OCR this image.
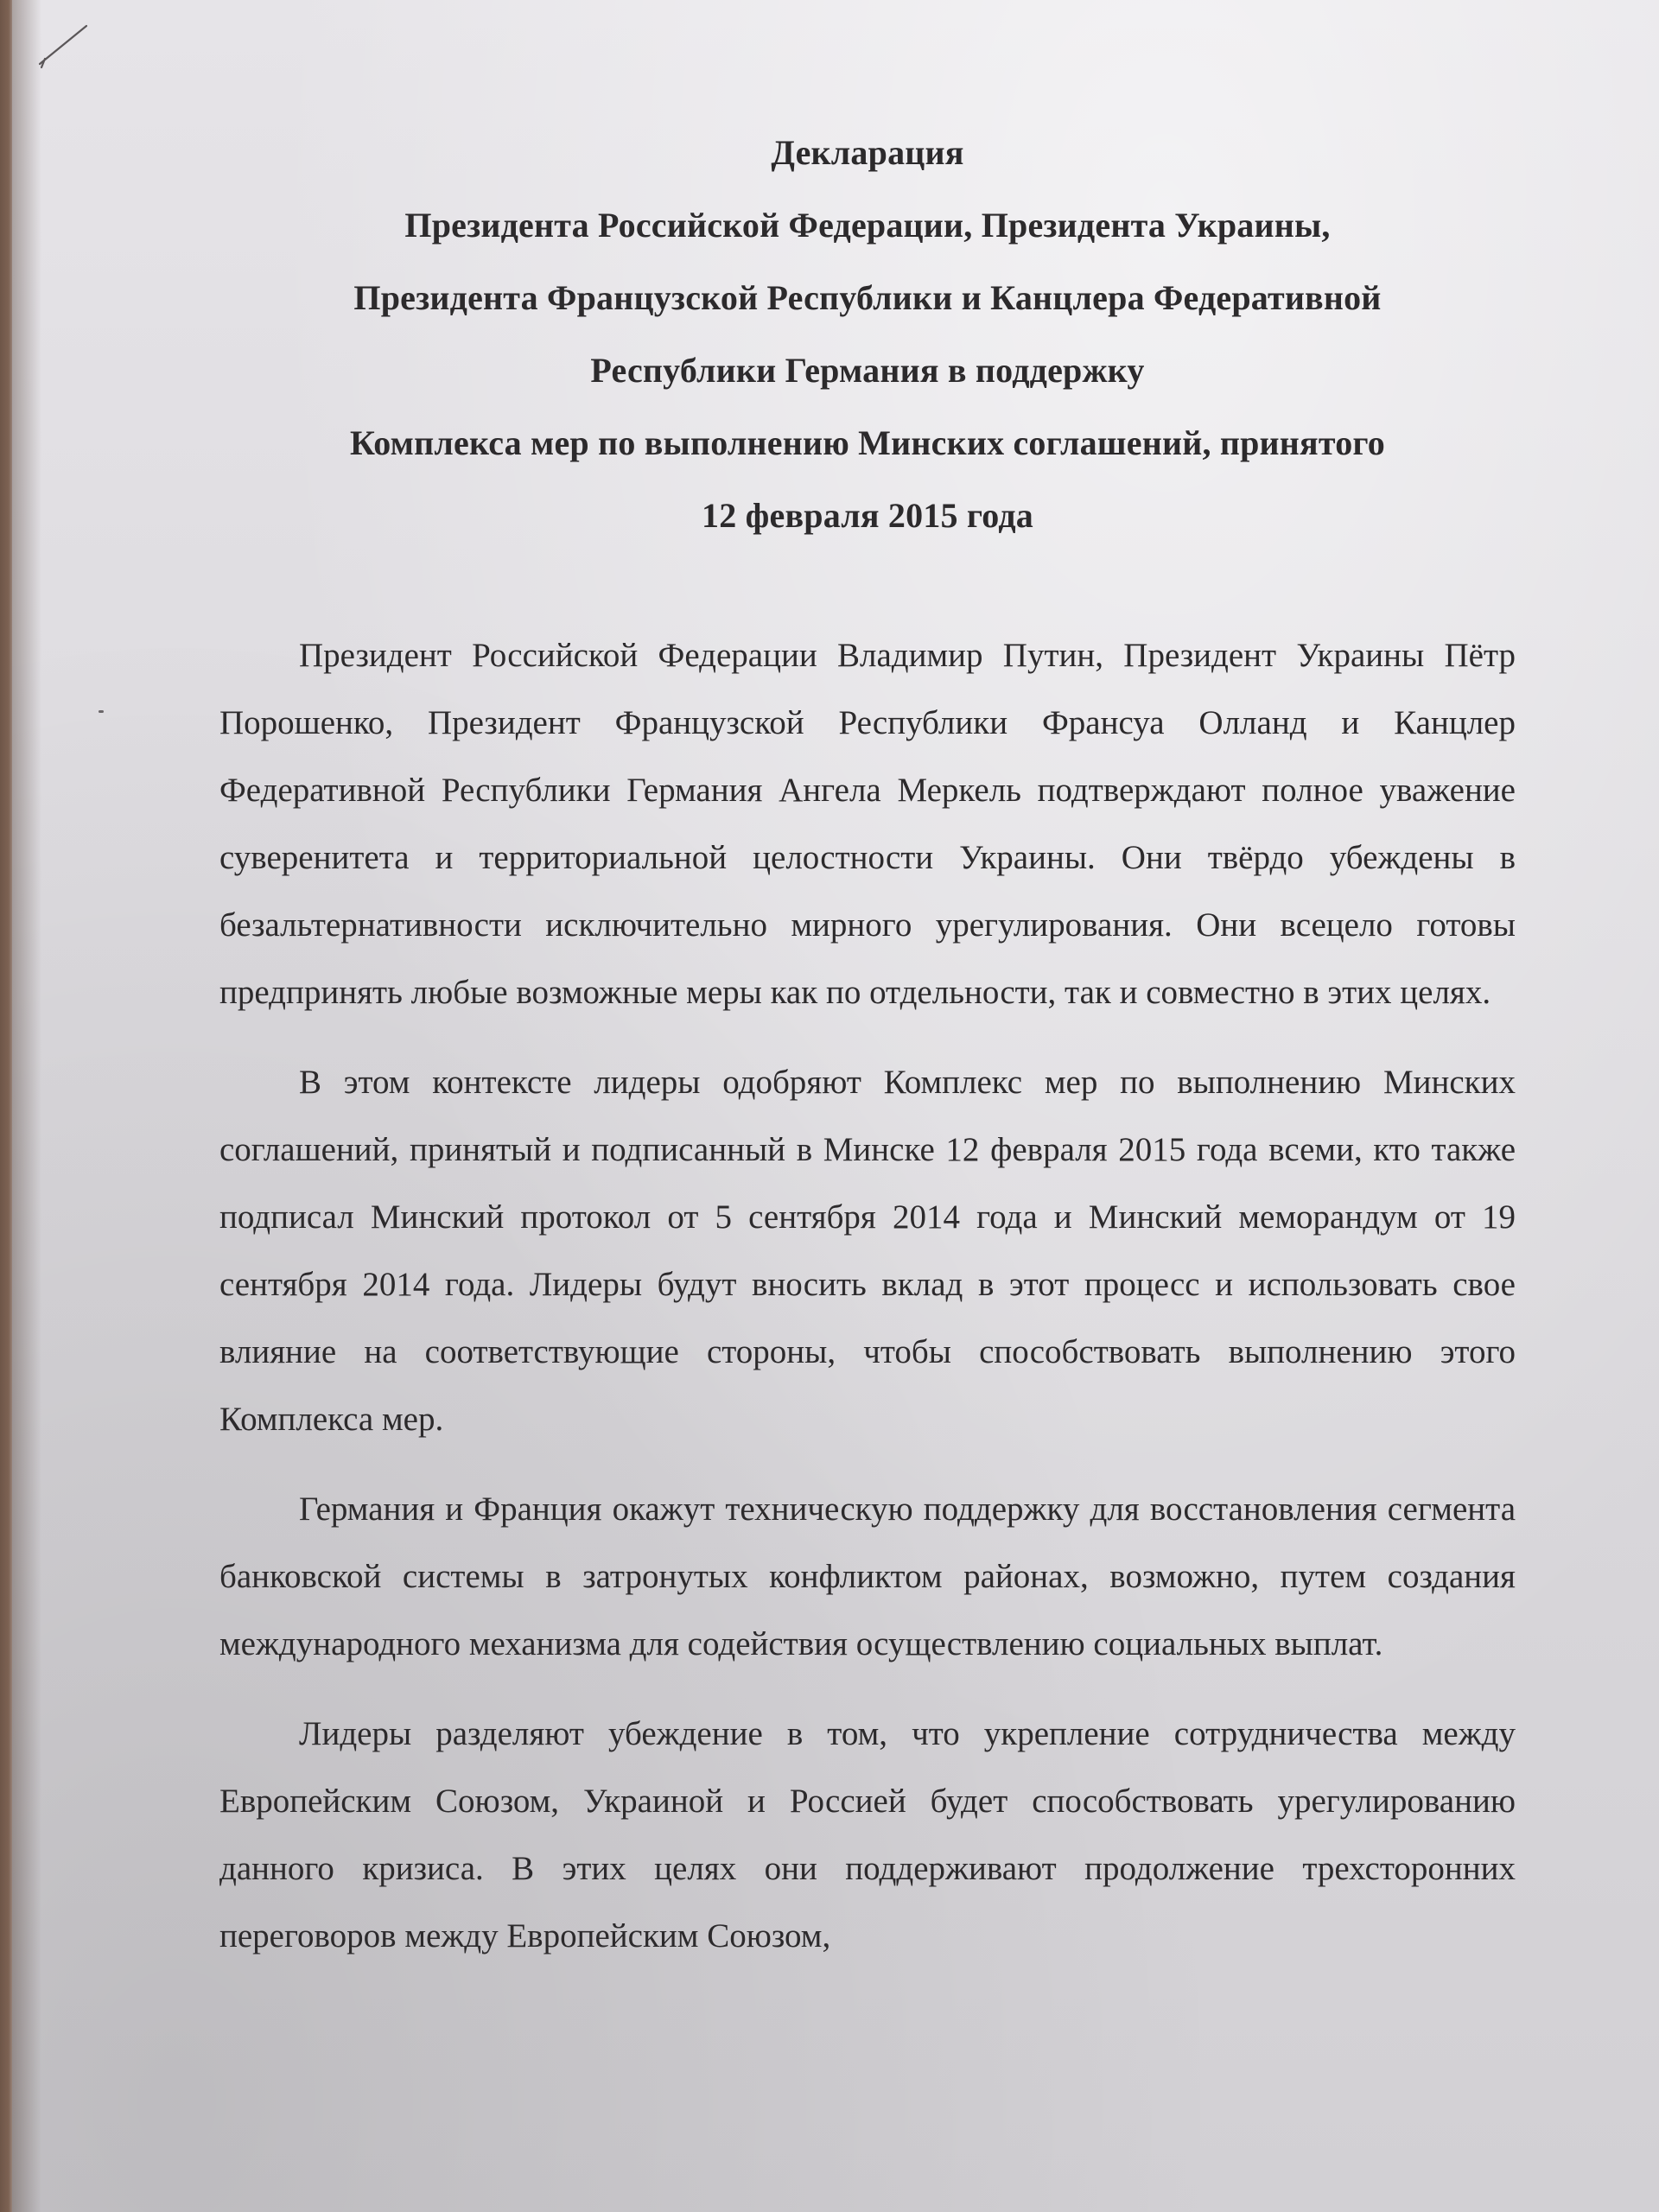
Декларация
Президента Российской Федерации, Президента Украины,
Президента Французской Республики и Канцлера Федеративной
Республики Германия в поддержку
Комплекса мер по выполнению Минских соглашений, принятого
12 февраля 2015 года

Президент Российской Федерации Владимир Путин, Президент Украины Пётр Порошенко, Президент Французской Республики Франсуа Олланд и Канцлер Федеративной Республики Германия Ангела Меркель подтверждают полное уважение суверенитета и территориальной целостности Украины. Они твёрдо убеждены в безальтернативности исключительно мирного урегулирования. Они всецело готовы предпринять любые возможные меры как по отдельности, так и совместно в этих целях.

В этом контексте лидеры одобряют Комплекс мер по выполнению Минских соглашений, принятый и подписанный в Минске 12 февраля 2015 года всеми, кто также подписал Минский протокол от 5 сентября 2014 года и Минский меморандум от 19 сентября 2014 года. Лидеры будут вносить вклад в этот процесс и использовать свое влияние на соответствующие стороны, чтобы способствовать выполнению этого Комплекса мер.

Германия и Франция окажут техническую поддержку для восстановления сегмента банковской системы в затронутых конфликтом районах, возможно, путем создания международного механизма для содействия осуществлению социальных выплат.

Лидеры разделяют убеждение в том, что укрепление сотрудничества между Европейским Союзом, Украиной и Россией будет способствовать урегулированию данного кризиса. В этих целях они поддерживают продолжение трехсторонних переговоров между Европейским Союзом,
